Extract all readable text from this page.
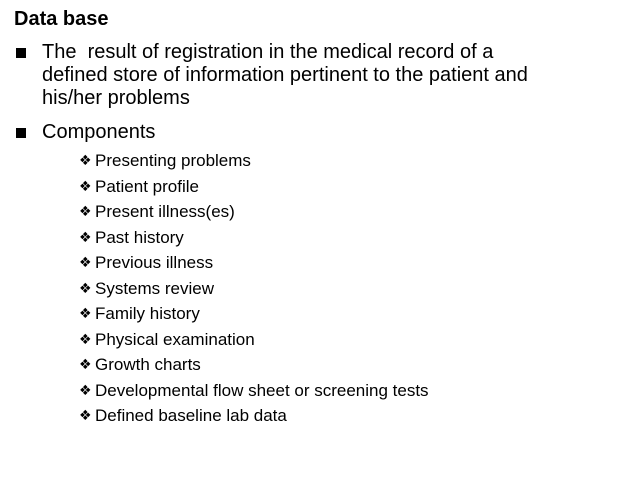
Data base
The  result of registration in the medical record of a
defined store of information pertinent to the patient and
his/her problems
Components
❖ Presenting problems
❖ Patient profile
❖ Present illness(es)
❖ Past history
❖ Previous illness
❖ Systems review
❖ Family history
❖ Physical examination
❖ Growth charts
❖ Developmental flow sheet or screening tests
❖ Defined baseline lab data
